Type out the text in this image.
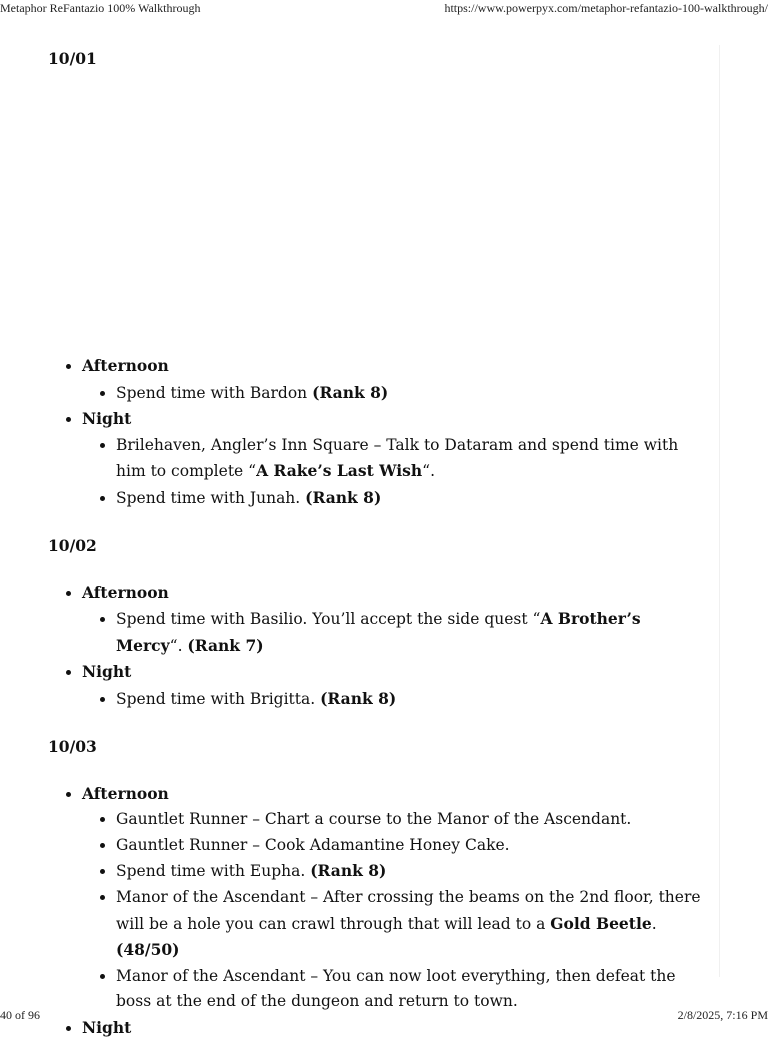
Metaphor ReFantazio 100% Walkthrough	https://www.powerpyx.com/metaphor-refantazio-100-walkthrough/
10/01
• Afternoon
• Spend time with Bardon (Rank 8)
• Night
• Brilehaven, Angler’s Inn Square – Talk to Dataram and spend time with him to complete “A Rake’s Last Wish“.
• Spend time with Junah. (Rank 8)
10/02
• Afternoon
• Spend time with Basilio. You’ll accept the side quest “A Brother’s Mercy“. (Rank 7)
• Night
• Spend time with Brigitta. (Rank 8)
10/03
• Afternoon
• Gauntlet Runner – Chart a course to the Manor of the Ascendant.
• Gauntlet Runner – Cook Adamantine Honey Cake.
• Spend time with Eupha. (Rank 8)
• Manor of the Ascendant – After crossing the beams on the 2nd floor, there will be a hole you can crawl through that will lead to a Gold Beetle. (48/50)
• Manor of the Ascendant – You can now loot everything, then defeat the boss at the end of the dungeon and return to town.
• Night
40 of 96	2/8/2025, 7:16 PM
